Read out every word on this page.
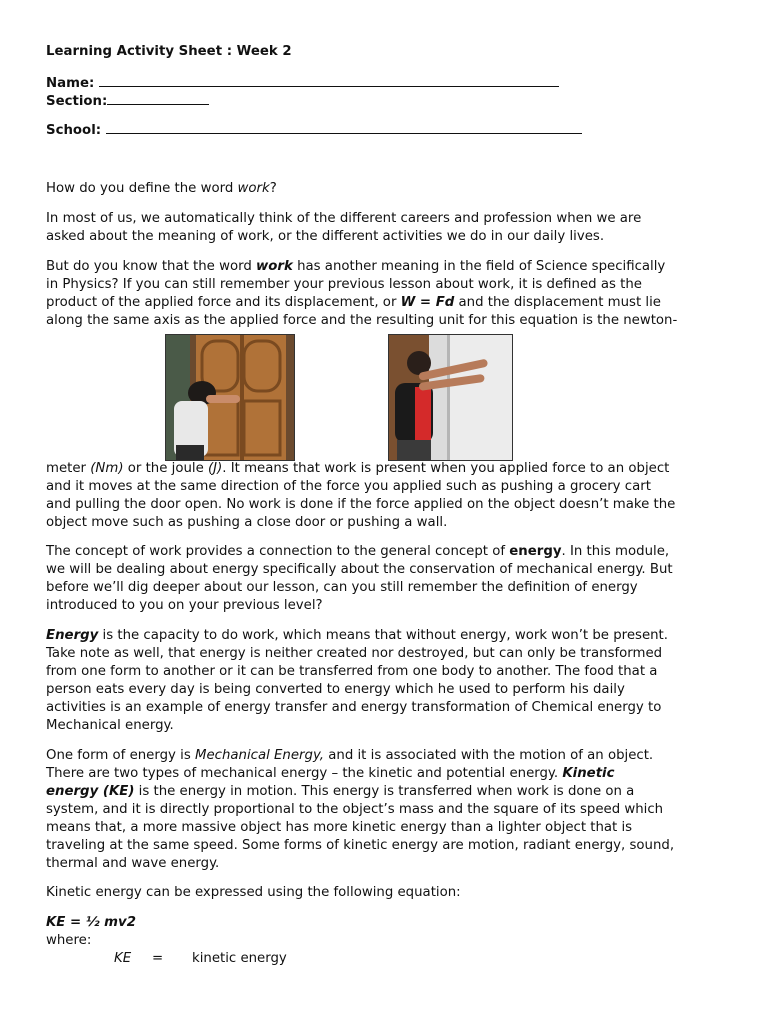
Learning Activity Sheet : Week 2
Name:
Section:
School:
How do you define the word work?
In most of us, we automatically think of the different careers and profession when we are
asked about the meaning of work, or the different activities we do in our daily lives.
But do you know that the word work has another meaning in the field of Science specifically
in Physics? If you can still remember your previous lesson about work, it is defined as the
product of the applied force and its displacement, or W = Fd and the displacement must lie
along the same axis as the applied force and the resulting unit for this equation is the newton-
meter (Nm) or the joule (J). It means that work is present when you applied force to an object
and it moves at the same direction of the force you applied such as pushing a grocery cart
and pulling the door open. No work is done if the force applied on the object doesn’t make the
object move such as pushing a close door or pushing a wall.
The concept of work provides a connection to the general concept of energy. In this module,
we will be dealing about energy specifically about the conservation of mechanical energy. But
before we’ll dig deeper about our lesson, can you still remember the definition of energy
introduced to you on your previous level?
Energy is the capacity to do work, which means that without energy, work won’t be present.
Take note as well, that energy is neither created nor destroyed, but can only be transformed
from one form to another or it can be transferred from one body to another. The food that a
person eats every day is being converted to energy which he used to perform his daily
activities is an example of energy transfer and energy transformation of Chemical energy to
Mechanical energy.
One form of energy is Mechanical Energy, and it is associated with the motion of an object.
There are two types of mechanical energy – the kinetic and potential energy. Kinetic
energy (KE) is the energy in motion. This energy is transferred when work is done on a
system, and it is directly proportional to the object’s mass and the square of its speed which
means that, a more massive object has more kinetic energy than a lighter object that is
traveling at the same speed. Some forms of kinetic energy are motion, radiant energy, sound,
thermal and wave energy.
Kinetic energy can be expressed using the following equation:
KE = ½ mv2
where:
KE = kinetic energy
